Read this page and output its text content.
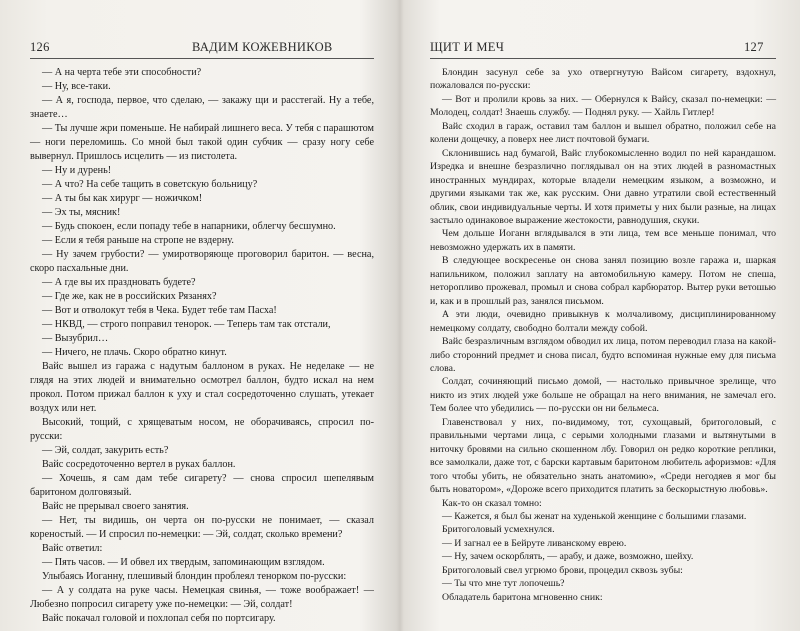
126	ВАДИМ КОЖЕВНИКОВ	ЩИТ И МЕЧ	127

— А на черта тебе эти способности?

— Ну, все-таки.

— А я, господа, первое, что сделаю, — закажу щи и расстегай. Ну а тебе, знаете…

— Ты лучше жри поменьше. Не набирай лишнего веса. У тебя с парашютом — ноги переломишь. Со мной был такой один субчик — сразу ногу себе вывернул. Пришлось исцелить — из пистолета.

— Ну и дурень!

— А что? На себе тащить в советскую больницу?

— А ты бы как хирург — ножичком!

— Эх ты, мясник!

— Будь спокоен, если попаду тебе в напарники, облегчу бесшумно.

— Если я тебя раньше на стропе не вздерну.

— Ну зачем грубости? — умиротворяюще проговорил баритон. — весна, скоро пасхальные дни.

— А где вы их праздновать будете?

— Где же, как не в российских Рязанях?

— Вот и отволокут тебя в Чека. Будет тебе там Пасха!

— НКВД, — строго поправил тенорок. — Теперь там так отстали,

— Вызубрил…

— Ничего, не плачь. Скоро обратно кинут.

Вайс вышел из гаража с надутым баллоном в руках. Не неделаке — не глядя на этих людей и внимательно осмотрел баллон, будто искал на нем прокол. Потом прижал баллон к уху и стал сосредоточенно слушать, утекает воздух или нет.

Высокий, тощий, с хрящеватым носом, не оборачиваясь, спросил по-русски:

— Эй, солдат, закурить есть?

Вайс сосредоточенно вертел в руках баллон.

— Хочешь, я сам дам тебе сигарету? — снова спросил шепелявым баритоном долговязый.

Вайс не прерывал своего занятия.

— Нет, ты видишь, он черта он по-русски не понимает, — сказал кореностый. — И спросил по-немецки: — Эй, солдат, сколько времени?

Вайс ответил:

— Пять часов. — И обвел их твердым, запоминающим взглядом.

Улыбаясь Иоганну, плешивый блондин проблеял тенорком по-русски:

— А у солдата на руке часы. Немецкая свинья, — тоже воображает! — Любезно попросил сигарету уже по-немецки: — Эй, солдат!

Вайс покачал головой и похлопал себя по портсигару.

Блондин засунул себе за ухо отвергнутую Вайсом сигарету, вздохнул, пожаловался по-русски:

— Вот и пролили кровь за них. — Обернулся к Вайсу, сказал по-немецки: — Молодец, солдат! Знаешь службу. — Поднял руку. — Хайль Гитлер!

Вайс сходил в гараж, оставил там баллон и вышел обратно, положил себе на колени дощечку, а поверх нее лист почтовой бумаги.

Склонившись над бумагой, Вайс глубокомысленно водил по ней карандашом. Изредка и внешне безразлично поглядывал он на этих людей в разномастных иностранных мундирах, которые владели немецким языком, а возможно, и другими языками так же, как русским. Они давно утратили свой естественный облик, свои индивидуальные черты. И хотя приметы у них были разные, на лицах застыло одинаковое выражение жестокости, равнодушия, скуки.

Чем дольше Иоганн вглядывался в эти лица, тем все меньше понимал, что невозможно удержать их в памяти.

В следующее воскресенье он снова занял позицию возле гаража и, шаркая напильником, положил заплату на автомобильную камеру. Потом не спеша, неторопливо прожевал, промыл и снова собрал карбюратор. Вытер руки ветошью и, как и в прошлый раз, занялся письмом.

А эти люди, очевидно привыкнув к молчаливому, дисциплинированному немецкому солдату, свободно болтали между собой.

Вайс безразличным взглядом обводил их лица, потом переводил глаза на какой-либо сторонний предмет и снова писал, будто вспоминая нужные ему для письма слова.

Солдат, сочиняющий письмо домой, — настолько привычное зрелище, что никто из этих людей уже больше не обращал на него внимания, не замечал его. Тем более что убедились — по-русски он ни бельмеса.

Главенствовал у них, по-видимому, тот, сухощавый, бритоголовый, с правильными чертами лица, с серыми холодными глазами и вытянутыми в ниточку бровями на сильно скошенном лбу. Говорил он редко короткие реплики, все замолкали, даже тот, с барски картавым баритоном любитель афоризмов: «Для того чтобы убить, не обязательно знать анатомию», «Среди негодяев я мог бы быть новатором», «Дороже всего приходится платить за бескорыстную любовь».

Как-то он сказал томно:

— Кажется, я был бы женат на худенькой женщине с большими глазами.

Бритоголовый усмехнулся.

— И загнал ее в Бейруте ливанскому еврею.

— Ну, зачем оскорблять, — арабу, и даже, возможно, шейху.

Бритоголовый свел угрюмо брови, процедил сквозь зубы:

— Ты что мне тут лопочешь?

Обладатель баритона мгновенно сник:
